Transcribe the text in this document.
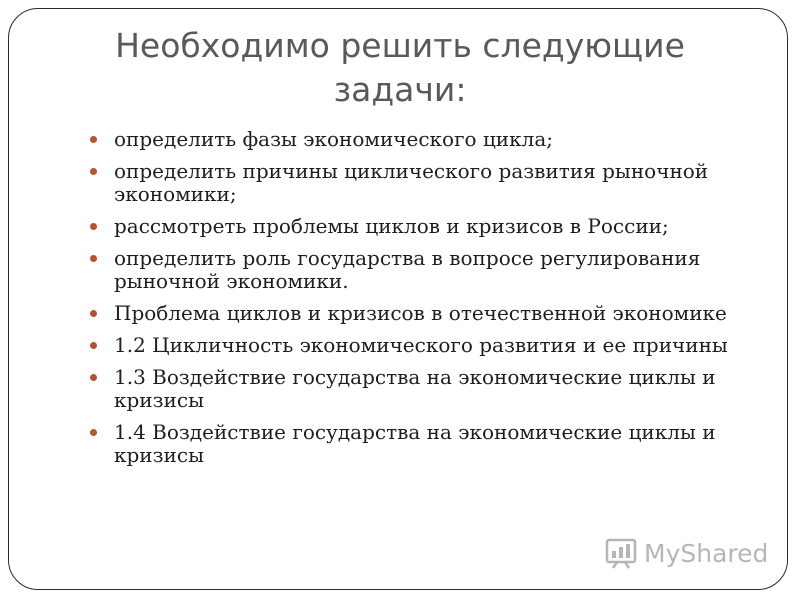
Необходимо решить следующие
задачи:
определить фазы экономического цикла;
определить причины циклического развития рыночной экономики;
рассмотреть проблемы циклов и кризисов в России;
определить роль государства в вопросе регулирования рыночной экономики.
Проблема циклов и кризисов в отечественной экономике
1.2 Цикличность экономического развития и ее причины
1.3 Воздействие государства на экономические циклы и кризисы
1.4 Воздействие государства на экономические циклы и кризисы
MyShared
